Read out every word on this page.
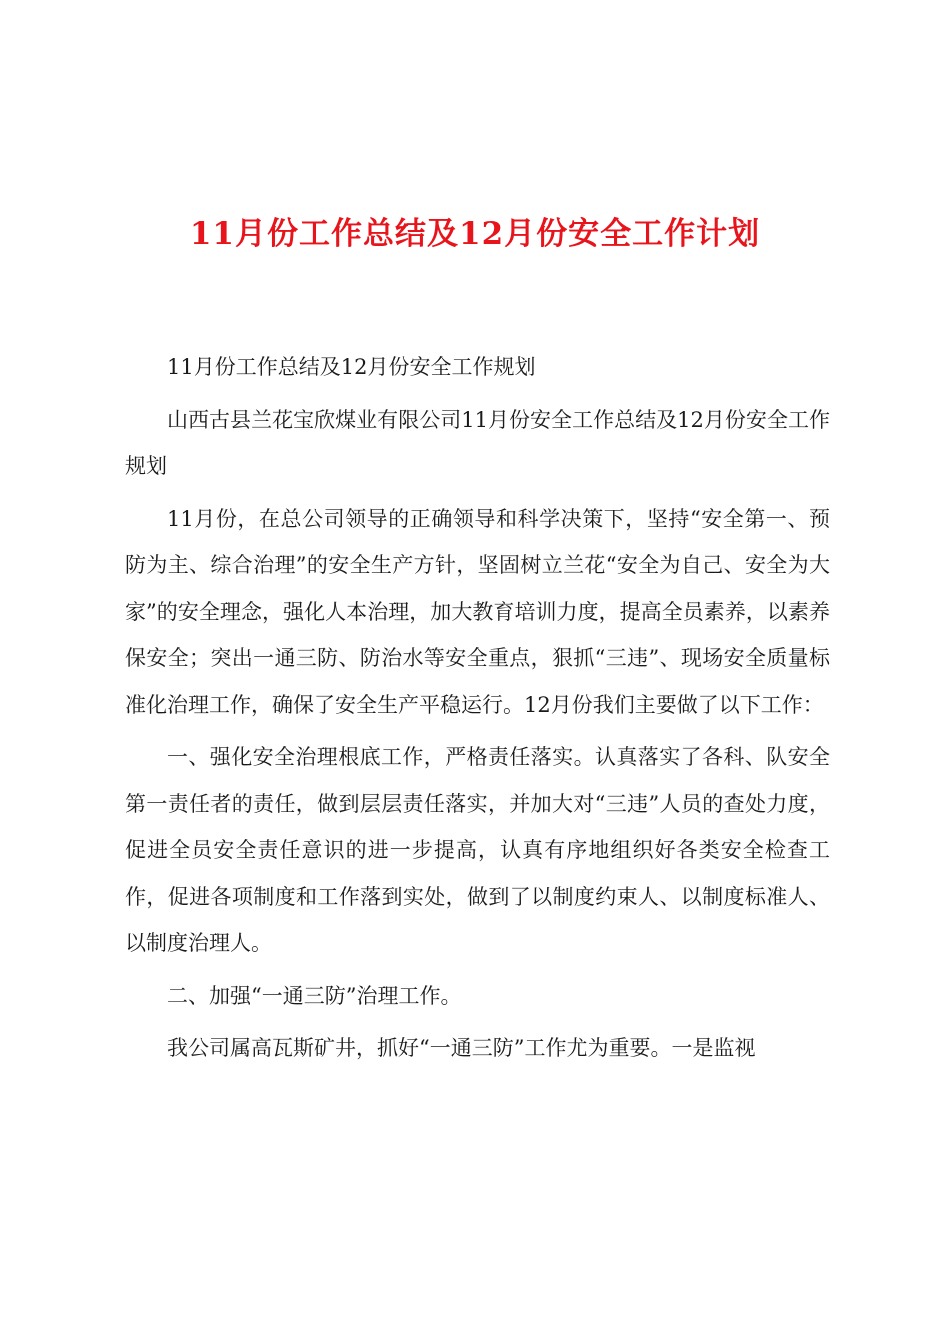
11月份工作总结及12月份安全工作计划

11月份工作总结及12月份安全工作规划

山西古县兰花宝欣煤业有限公司11月份安全工作总结及12月份安全工作规划

11月份，在总公司领导的正确领导和科学决策下，坚持“安全第一、预防为主、综合治理”的安全生产方针，坚固树立兰花“安全为自己、安全为大家”的安全理念，强化人本治理，加大教育培训力度，提高全员素养，以素养保安全；突出一通三防、防治水等安全重点，狠抓“三违”、现场安全质量标准化治理工作，确保了安全生产平稳运行。12月份我们主要做了以下工作：

一、强化安全治理根底工作，严格责任落实。认真落实了各科、队安全第一责任者的责任，做到层层责任落实，并加大对“三违”人员的查处力度，促进全员安全责任意识的进一步提高，认真有序地组织好各类安全检查工作，促进各项制度和工作落到实处，做到了以制度约束人、以制度标准人、以制度治理人。

二、加强“一通三防”治理工作。

我公司属高瓦斯矿井，抓好“一通三防”工作尤为重要。一是监视
